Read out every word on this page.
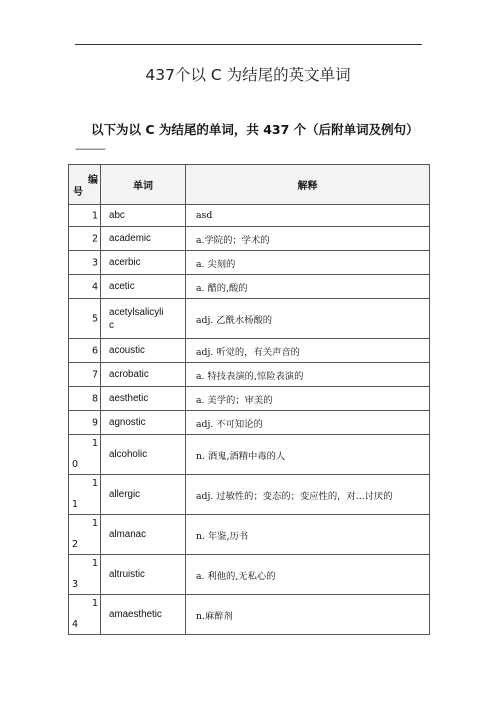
437个以 C 为结尾的英文单词
以下为以 C 为结尾的单词，共 437 个（后附单词及例句）
———
编
号	单词	解释

1	abc	asd

2	academic	a.学院的；学术的

3	acerbic	a. 尖刻的

4	acetic	a. 醋的,酸的

5	acetylsalicyli
c	adj. 乙酰水杨酸的

6	acoustic	adj. 听觉的，有关声音的

7	acrobatic	a. 特技表演的,惊险表演的

8	aesthetic	a. 美学的；审美的

9	agnostic	adj. 不可知论的

1
0	alcoholic	n. 酒鬼,酒精中毒的人

1
1	allergic	adj. 过敏性的；变态的；变应性的，对...讨厌的

1
2	almanac	n. 年鉴,历书

1
3	altruistic	a. 利他的,无私心的

1
4	amaesthetic	n.麻醉剂
